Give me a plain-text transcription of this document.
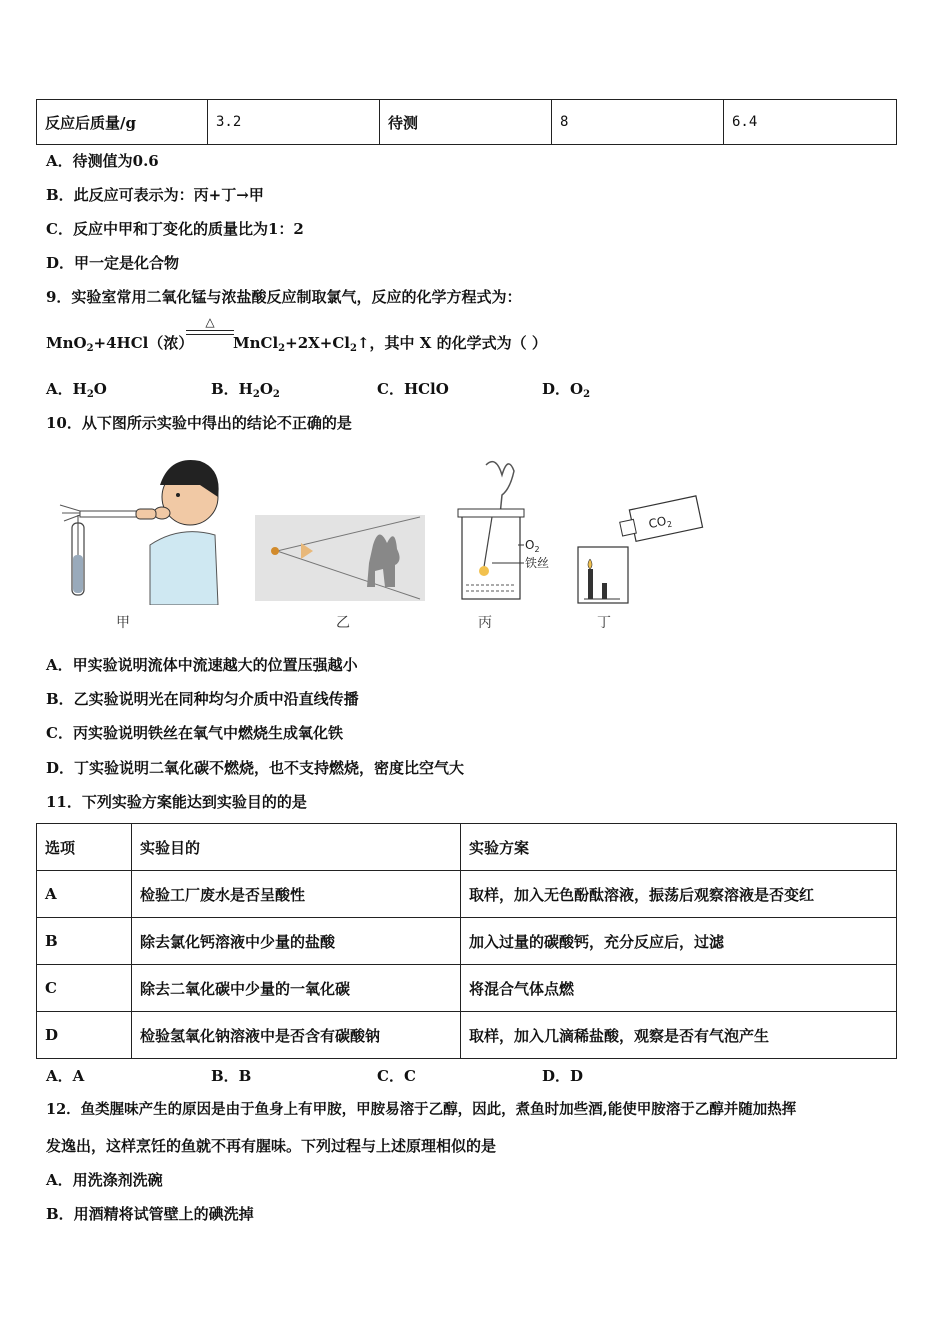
反应后质量/g	3.2	待测	8	6.4
A．待测值为0.6
B．此反应可表示为：丙+丁→甲
C．反应中甲和丁变化的质量比为1：2
D．甲一定是化合物
9．实验室常用二氧化锰与浓盐酸反应制取氯气，反应的化学方程式为：
MnO$_2$+4HCl（浓）
△
$MnCl_2+2X+Cl_2↑$，其中 X 的化学式为（ ）
A．$H_2O$	B．$H_2O_2$	C．HClO	D．$O_2$
10．从下图所示实验中得出的结论不正确的是
$O_2$
铁丝
$CO_2$
甲	乙	丙	丁
A．甲实验说明流体中流速越大的位置压强越小
B．乙实验说明光在同种均匀介质中沿直线传播
C．丙实验说明铁丝在氧气中燃烧生成氧化铁
D．丁实验说明二氧化碳不燃烧，也不支持燃烧，密度比空气大
11．下列实验方案能达到实验目的的是
选项	实验目的	实验方案
A	检验工厂废水是否呈酸性	取样，加入无色酚酞溶液，振荡后观察溶液是否变红
B	除去氯化钙溶液中少量的盐酸	加入过量的碳酸钙，充分反应后，过滤
C	除去二氧化碳中少量的一氧化碳	将混合气体点燃
D	检验氢氧化钠溶液中是否含有碳酸钠	取样，加入几滴稀盐酸，观察是否有气泡产生
A．A	B．B	C．C	D．D
12．鱼类腥味产生的原因是由于鱼身上有甲胺，甲胺易溶于乙醇，因此，煮鱼时加些酒,能使甲胺溶于乙醇并随加热挥
发逸出，这样烹饪的鱼就不再有腥味。下列过程与上述原理相似的是
A．用洗涤剂洗碗
B．用酒精将试管壁上的碘洗掉
